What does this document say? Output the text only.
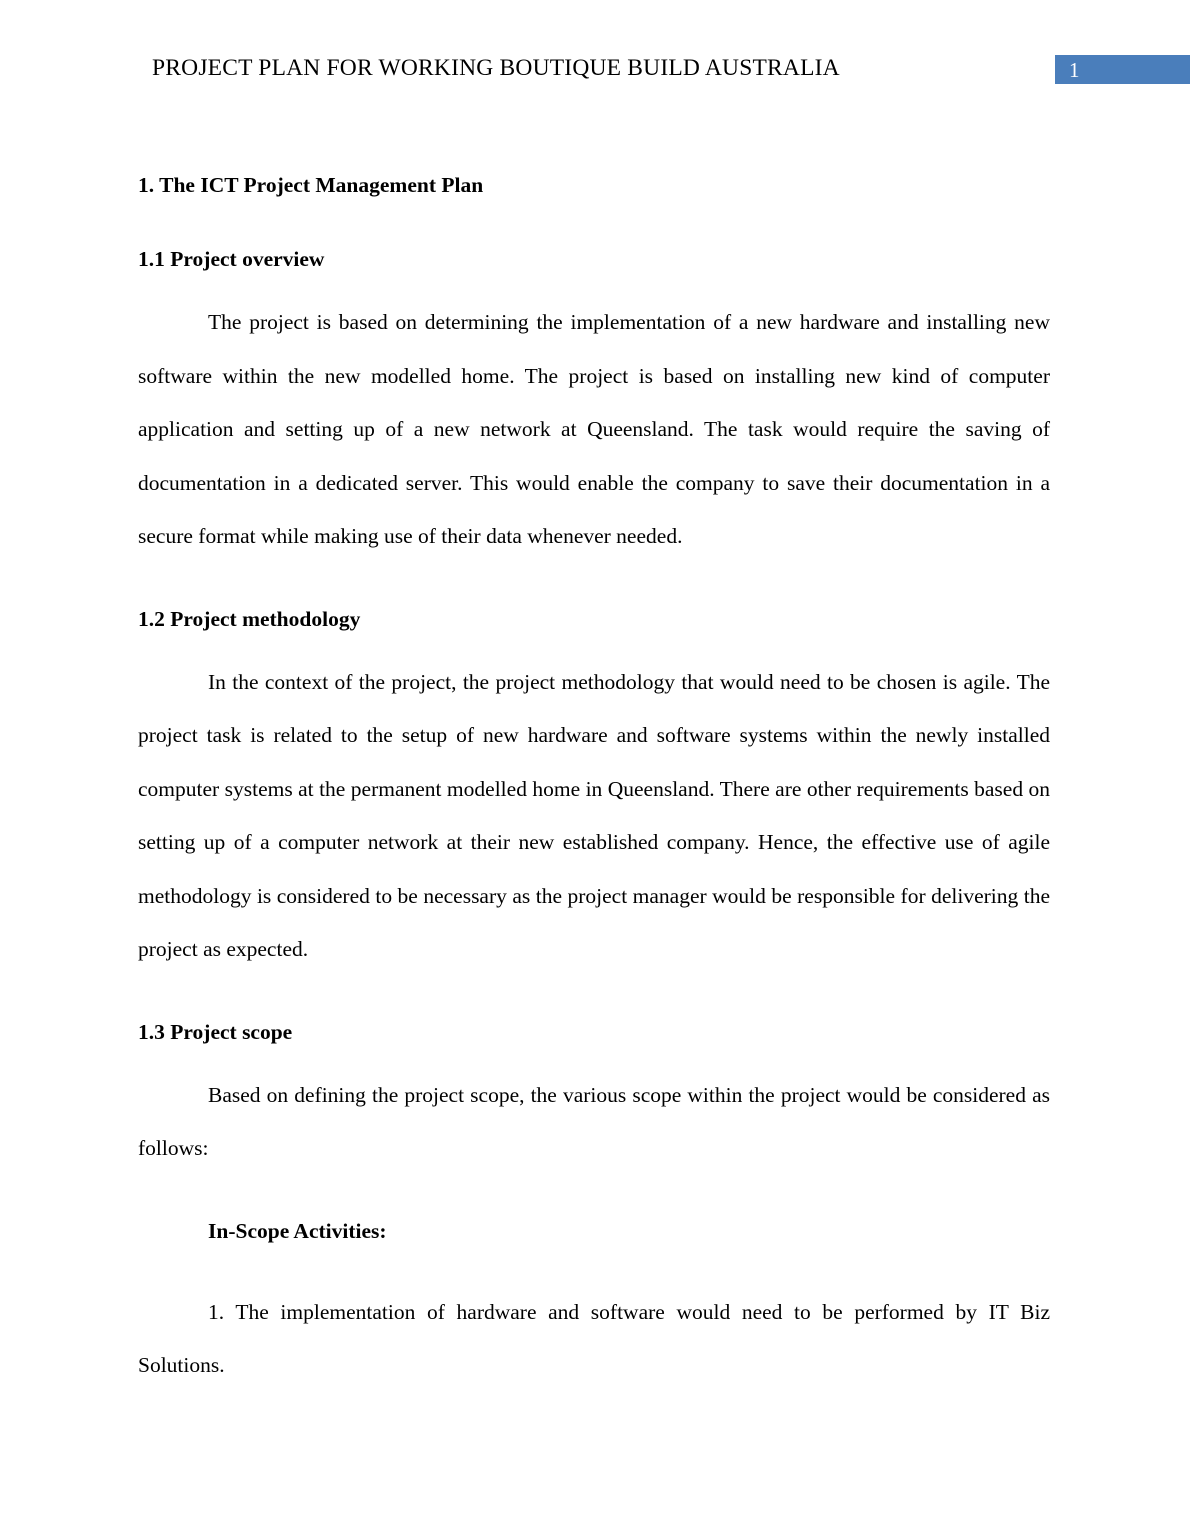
PROJECT PLAN FOR WORKING BOUTIQUE BUILD AUSTRALIA	1
1. The ICT Project Management Plan
1.1 Project overview

The project is based on determining the implementation of a new hardware and installing new software within the new modelled home. The project is based on installing new kind of computer application and setting up of a new network at Queensland. The task would require the saving of documentation in a dedicated server. This would enable the company to save their documentation in a secure format while making use of their data whenever needed.

1.2 Project methodology

In the context of the project, the project methodology that would need to be chosen is agile. The project task is related to the setup of new hardware and software systems within the newly installed computer systems at the permanent modelled home in Queensland. There are other requirements based on setting up of a computer network at their new established company. Hence, the effective use of agile methodology is considered to be necessary as the project manager would be responsible for delivering the project as expected.

1.3 Project scope

Based on defining the project scope, the various scope within the project would be considered as follows:

In-Scope Activities:

1. The implementation of hardware and software would need to be performed by IT Biz Solutions.
